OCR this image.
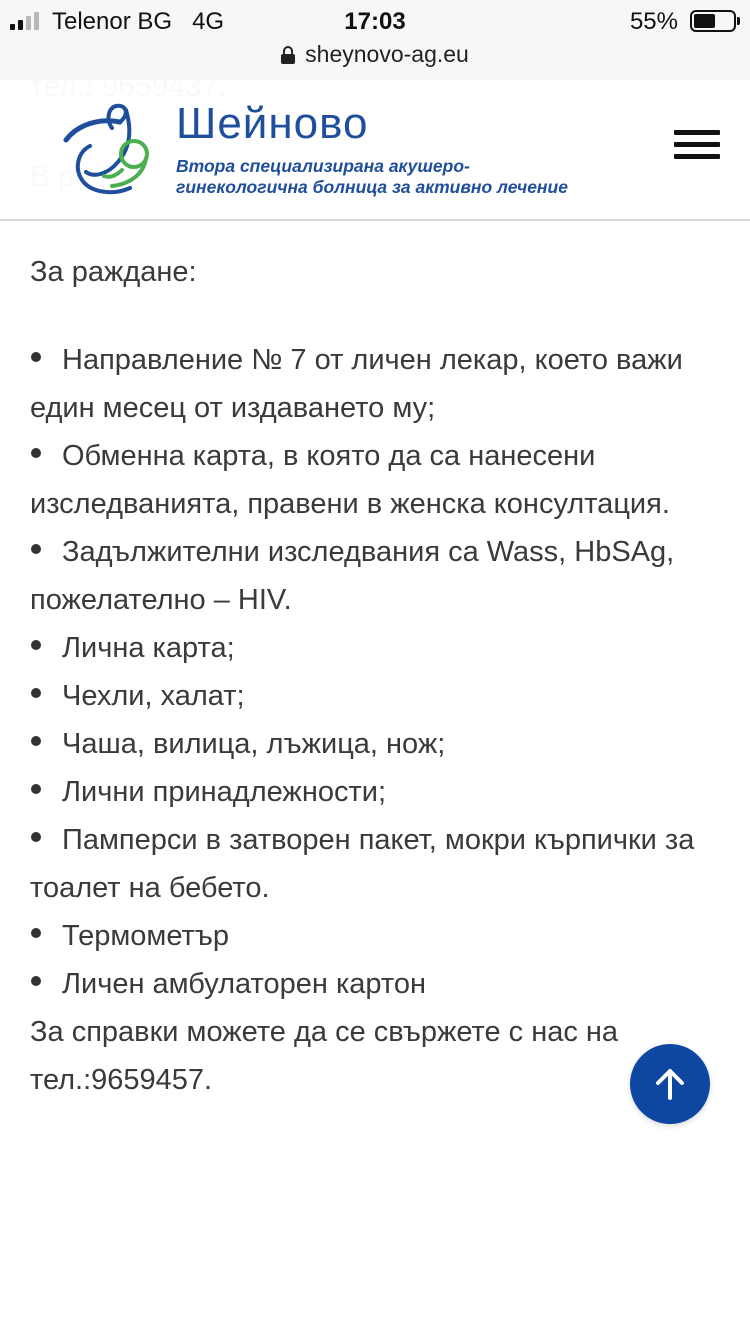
Telenor BG 4G	17:03	55%
sheynovo-ag.eu
Шейново
Втора специализирана акушеро-
гинекологична болница за активно лечение

За раждане:

Направление № 7 от личен лекар, което важи един месец от издаването му;
Обменна карта, в която да са нанесени изследванията, правени в женска консултация.
Задължителни изследвания са Wass, HbSAg, пожелателно – HIV.
Лична карта;
Чехли, халат;
Чаша, вилица, лъжица, нож;
Лични принадлежности;
Памперси в затворен пакет, мокри кърпички за тоалет на бебето.
Термометър
Личен амбулаторен картон

За справки можете да се свържете с нас на
тел.:9659457.
